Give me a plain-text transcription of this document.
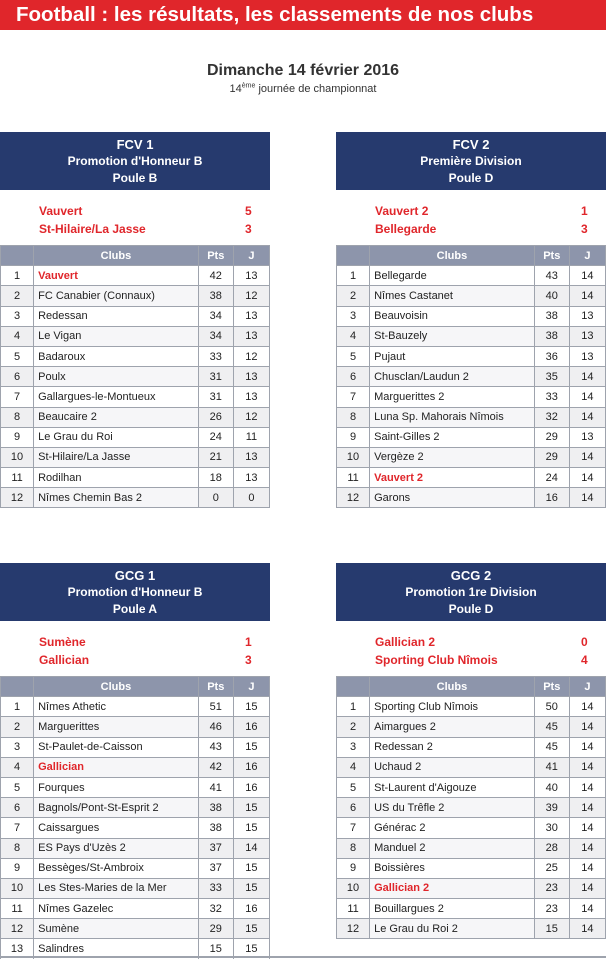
Football : les résultats, les classements de nos clubs
Dimanche 14 février 2016
14ème journée de championnat
FCV 1
Promotion d'Honneur B
Poule B
Vauvert	5
St-Hilaire/La Jasse	3
	Clubs	Pts	J
1	Vauvert	42	13
2	FC Canabier (Connaux)	38	12
3	Redessan	34	13
4	Le Vigan	34	13
5	Badaroux	33	12
6	Poulx	31	13
7	Gallargues-le-Montueux	31	13
8	Beaucaire 2	26	12
9	Le Grau du Roi	24	11
10	St-Hilaire/La Jasse	21	13
11	Rodilhan	18	13
12	Nîmes Chemin Bas 2	0	0
FCV 2
Première Division
Poule D
Vauvert 2	1
Bellegarde	3
	Clubs	Pts	J
1	Bellegarde	43	14
2	Nîmes Castanet	40	14
3	Beauvoisin	38	13
4	St-Bauzely	38	13
5	Pujaut	36	13
6	Chusclan/Laudun 2	35	14
7	Marguerittes 2	33	14
8	Luna Sp. Mahorais Nîmois	32	14
9	Saint-Gilles 2	29	13
10	Vergèze 2	29	14
11	Vauvert 2	24	14
12	Garons	16	14
GCG 1
Promotion d'Honneur B
Poule A
Sumène	1
Gallician	3
	Clubs	Pts	J
1	Nîmes Athetic	51	15
2	Marguerittes	46	16
3	St-Paulet-de-Caisson	43	15
4	Gallician	42	16
5	Fourques	41	16
6	Bagnols/Pont-St-Esprit 2	38	15
7	Caissargues	38	15
8	ES Pays d'Uzès 2	37	14
9	Bessèges/St-Ambroix	37	15
10	Les Stes-Maries de la Mer	33	15
11	Nîmes Gazelec	32	16
12	Sumène	29	15
13	Salindres	15	15
GCG 2
Promotion 1re Division
Poule D
Gallician 2	0
Sporting Club Nîmois	4
	Clubs	Pts	J
1	Sporting Club Nîmois	50	14
2	Aimargues 2	45	14
3	Redessan 2	45	14
4	Uchaud 2	41	14
5	St-Laurent d'Aigouze	40	14
6	US du Trêfle 2	39	14
7	Générac 2	30	14
8	Manduel 2	28	14
9	Boissières	25	14
10	Gallician 2	23	14
11	Bouillargues 2	23	14
12	Le Grau du Roi 2	15	14
